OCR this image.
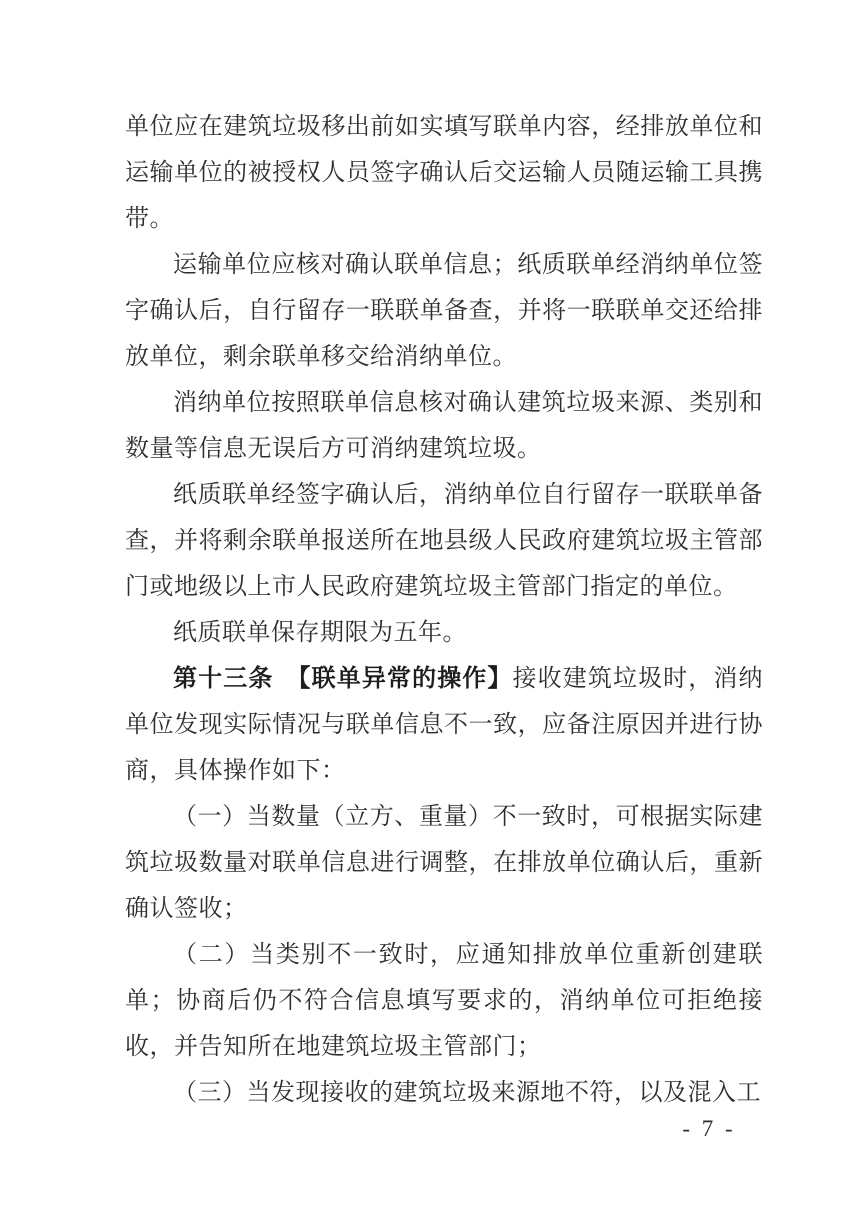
单位应在建筑垃圾移出前如实填写联单内容，经排放单位和运输单位的被授权人员签字确认后交运输人员随运输工具携带。

运输单位应核对确认联单信息；纸质联单经消纳单位签字确认后，自行留存一联联单备查，并将一联联单交还给排放单位，剩余联单移交给消纳单位。

消纳单位按照联单信息核对确认建筑垃圾来源、类别和数量等信息无误后方可消纳建筑垃圾。

纸质联单经签字确认后，消纳单位自行留存一联联单备查，并将剩余联单报送所在地县级人民政府建筑垃圾主管部门或地级以上市人民政府建筑垃圾主管部门指定的单位。

纸质联单保存期限为五年。

第十三条　【联单异常的操作】接收建筑垃圾时，消纳单位发现实际情况与联单信息不一致，应备注原因并进行协商，具体操作如下：

（一）当数量（立方、重量）不一致时，可根据实际建筑垃圾数量对联单信息进行调整，在排放单位确认后，重新确认签收；

（二）当类别不一致时，应通知排放单位重新创建联单；协商后仍不符合信息填写要求的，消纳单位可拒绝接收，并告知所在地建筑垃圾主管部门；

（三）当发现接收的建筑垃圾来源地不符，以及混入工

- 7 -
